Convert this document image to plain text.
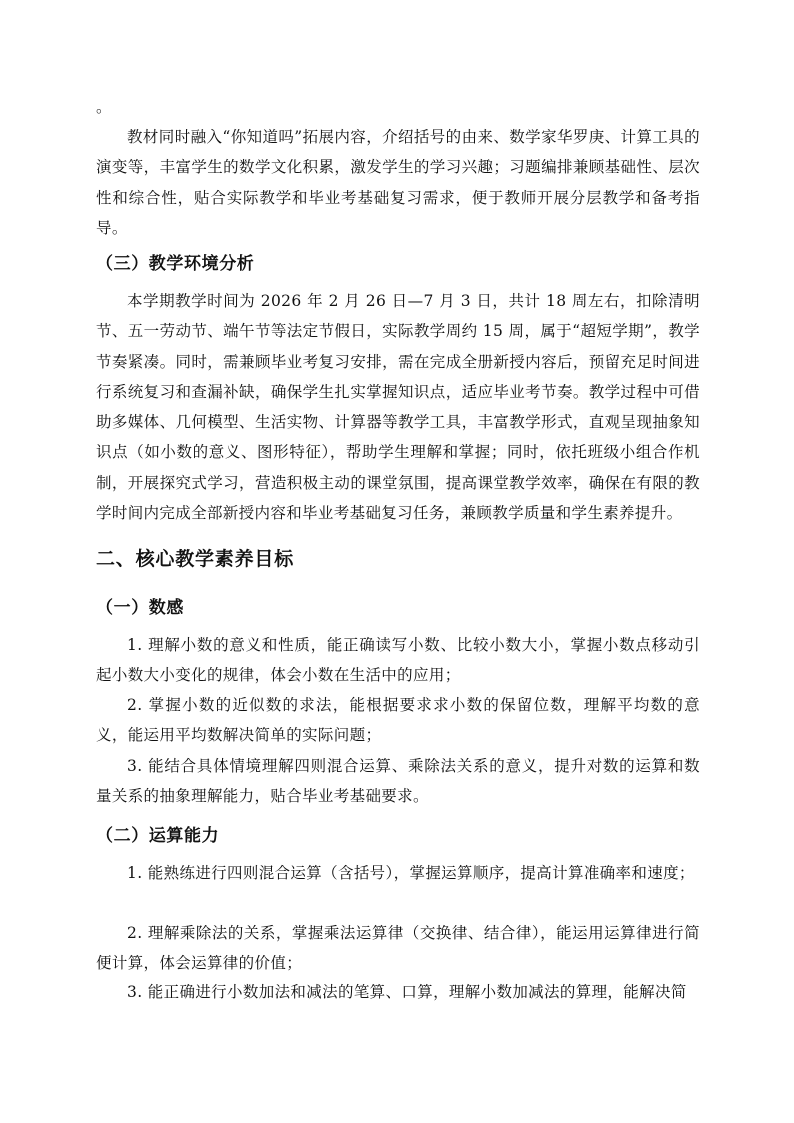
。

教材同时融入“你知道吗”拓展内容，介绍括号的由来、数学家华罗庚、计算工具的演变等，丰富学生的数学文化积累，激发学生的学习兴趣；习题编排兼顾基础性、层次性和综合性，贴合实际教学和毕业考基础复习需求，便于教师开展分层教学和备考指导。

（三）教学环境分析

本学期教学时间为 2026 年 2 月 26 日—7 月 3 日，共计 18 周左右，扣除清明节、五一劳动节、端午节等法定节假日，实际教学周约 15 周，属于“超短学期”，教学节奏紧凑。同时，需兼顾毕业考复习安排，需在完成全册新授内容后，预留充足时间进行系统复习和查漏补缺，确保学生扎实掌握知识点，适应毕业考节奏。教学过程中可借助多媒体、几何模型、生活实物、计算器等教学工具，丰富教学形式，直观呈现抽象知识点（如小数的意义、图形特征），帮助学生理解和掌握；同时，依托班级小组合作机制，开展探究式学习，营造积极主动的课堂氛围，提高课堂教学效率，确保在有限的教学时间内完成全部新授内容和毕业考基础复习任务，兼顾教学质量和学生素养提升。

二、核心教学素养目标
（一）数感

1. 理解小数的意义和性质，能正确读写小数、比较小数大小，掌握小数点移动引起小数大小变化的规律，体会小数在生活中的应用；

2. 掌握小数的近似数的求法，能根据要求求小数的保留位数，理解平均数的意义，能运用平均数解决简单的实际问题；

3. 能结合具体情境理解四则混合运算、乘除法关系的意义，提升对数的运算和数量关系的抽象理解能力，贴合毕业考基础要求。

（二）运算能力

1. 能熟练进行四则混合运算（含括号），掌握运算顺序，提高计算准确率和速度；

2. 理解乘除法的关系，掌握乘法运算律（交换律、结合律），能运用运算律进行简便计算，体会运算律的价值；

3. 能正确进行小数加法和减法的笔算、口算，理解小数加减法的算理，能解决简
